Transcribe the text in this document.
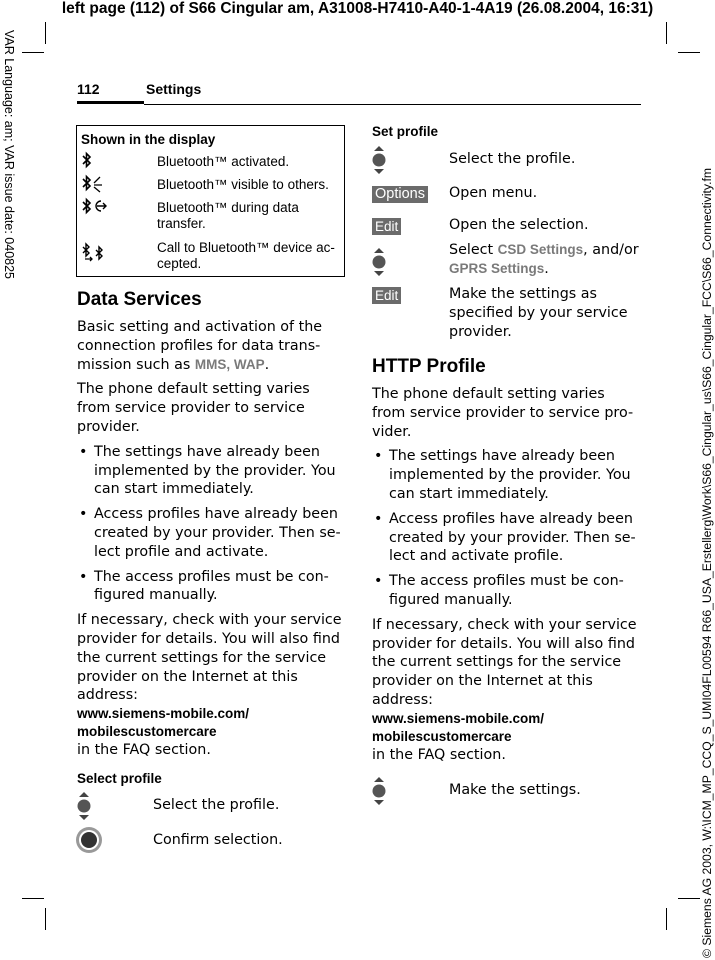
left page (112) of S66 Cingular am, A31008-H7410-A40-1-4A19 (26.08.2004, 16:31)
VAR Language: am; VAR issue date: 040825
© Siemens AG 2003, W:\ICM_MP_CCQ_S_UMI04FL00594 R66_USA_Erstellerg\Work\S66_Cingular_us\S66_Cingular_FCC\S66_Connectivity.fm
112	Settings
Shown in the display
Bluetooth™ activated.
Bluetooth™ visible to others.
Bluetooth™ during data transfer.
Call to Bluetooth™ device ac-cepted.
Data Services

Basic setting and activation of the connection profiles for data trans-mission such as MMS, WAP.

The phone default setting varies from service provider to service provider.

• The settings have already been implemented by the provider. You can start immediately.
• Access profiles have already been created by your provider. Then se-lect profile and activate.
• The access profiles must be con-figured manually.

If necessary, check with your service provider for details. You will also find the current settings for the service provider on the Internet at this address:

www.siemens-mobile.com/ mobilescustomercare

in the FAQ section.

Select profile
Select the profile.
Confirm selection.
Set profile
Select the profile.
Options Open menu.
Edit	Open the selection.
Select CSD Settings, and/or GPRS Settings.
Edit	Make the settings as specified by your service provider.
HTTP Profile

The phone default setting varies from service provider to service pro-vider.

• The settings have already been implemented by the provider. You can start immediately.
• Access profiles have already been created by your provider. Then se-lect and activate profile.
• The access profiles must be con-figured manually.

If necessary, check with your service provider for details. You will also find the current settings for the service provider on the Internet at this address:

www.siemens-mobile.com/ mobilescustomercare

in the FAQ section.

Make the settings.
